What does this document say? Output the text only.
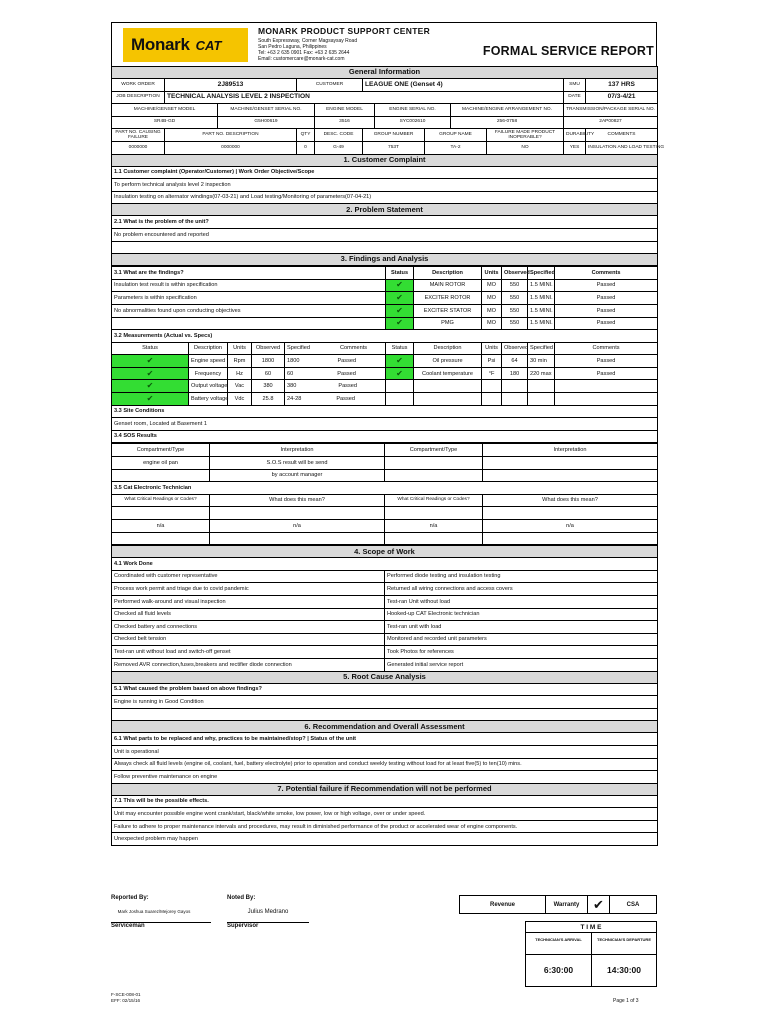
Monark CAT
MONARK PRODUCT SUPPORT CENTER
South Expressway, Corner Magsaysay Road
San Pedro Laguna, Philippines
Tel: +63 2 635 0901 Fax: +63 2 635 2644
Email: customercare@monark-cat.com
FORMAL SERVICE REPORT
General Information											
WORK ORDER	2J89513		CUSTOMER		LEAGUE ONE (Genset 4)					SMU	137 HRS
JOB DESCRIPTION	TECHNICAL ANALYSIS LEVEL 2 INSPECTION									DATE	07/3-4/21
MACHINE/GENSET MODEL		MACHINE/GENSET SERIAL NO.		ENGINE MODEL		ENGINE SERIAL NO.		MACHINE/ENGINE ARRANGEMENT NO.		TRANSMISSION/PACKAGE SERIAL NO.	
SR4B-GD		G5H00619		3516		SYC002610		256-0758		2AP00827	
PART NO. CAUSING FAILURE	PART NO. DESCRIPTION		QTY	DESC. CODE	GROUP NUMBER		GROUP NAME		FAILURE MADE PRODUCT INOPERABLE?	DURABILITY	COMMENTS
0000000	0000000		0	G-49	753T		TA-2		NO	YES	INSULATION AND LOAD TESTING
1. Customer Complaint											
1.1 Customer complaint (Operator/Customer) | Work Order Objective/Scope											
To perform technical analysis level 2 inspection											
Insulation testing on alternator windings(07-03-21) and Load testing/Monitoring of parameters(07-04-21)											
2. Problem Statement											
2.1 What is the problem of the unit?											
No problem encountered and reported											

3. Findings and Analysis											
3.1 What are the findings?					Status	Description	Units	Observed	Specified	Comments
Insulation test result is within specification					✔	MAIN ROTOR	MO	550	1.5 MINI.	Passed
Parameters is within specification					✔	EXCITER ROTOR	MO	550	1.5 MINI.	Passed
No abnormalities found upon conducting objectives					✔	EXCITER STATOR	MO	550	1.5 MINI.	Passed
					✔	PMG	MO	550	1.5 MINI.	Passed
3.2 Measurements (Actual vs. Specs)										
Status	Description	Units	Observed	Specified Comments	Status	Description	Units	Observed	Specified	Comments
✔	Engine speed	Rpm	1800	1800 Passed	✔	Oil pressure	Psi	64	30 min	Passed
✔	Frequency	Hz	60	60 Passed	✔	Coolant temperature	°F	180	220 max	Passed
✔	Output voltage	Vac	380	380 Passed						
✔	Battery voltage	Vdc	25.8	24-28 Passed						
3.3 Site Conditions										
Genset room, Located at Basement 1										
3.4 SOS Results										
Compartment/Type	Interpretation	Compartment/Type	Interpretation
engine oil pan	S.O.S result will be send		
	by account manager		
3.5 Cat Electronic Technician			
What Critical Readings or Codes?	What does this mean?	What Critical Readings or Codes?	What does this mean?

n/a	n/a	n/a	n/a

4. Scope of Work	
4.1 Work Done	
Coordinated with customer representative	Performed diode testing and insulation testing
Process work permit and triage due to covid pandemic	Returned all wiring connections and access covers
Performed walk-around and visual inspection	Test-ran Unit without load
Checked all fluid levels	Hooked-up CAT Electronic technician
Checked battery and connections	Test-ran unit with load
Checked belt tension	Monitored and recorded unit parameters
Test-ran unit without load and switch-off genset	Took Photos for references
Removed AVR connection,fuses,breakers and rectifier diode connection	Generated initial service report
5. Root Cause Analysis	
5.1 What caused the problem based on above findings?	
Engine is running in Good Condition	

6. Recommendation and Overall Assessment	
6.1 What parts to be replaced and why, practices to be maintained/stop? | Status of the unit	
Unit is operational	
Always check all fluid levels (engine oil, coolant, fuel, battery electrolyte) prior to operation and conduct weekly testing without load for at least five(5) to ten(10) mins.	
Follow preventive maintenance on engine	
7. Potential failure if Recommendation will not be performed	
7.1 This will be the possible effects.	
Unit may encounter possible engine wont crank/start, black/white smoke, low power, low or high voltage, over or under speed.	
Failure to adhere to proper maintenance intervals and procedures, may result in diminished performance of the product or accelerated wear of engine components.	
Unexpected problem may happen	
Reported By:
Mark Joshua Suarez/Mejorey Gayos
Serviceman
Noted By:
Julius Medrano
Supervisor
Revenue	Warranty	✔	CSA
T I M E
TECHNICIAN'S ARRIVAL	TECHNICIAN'S DEPARTURE
6:30:00	14:30:00
F-SCE-008-01
EFF: 02/15/16	Page 1 of 3
